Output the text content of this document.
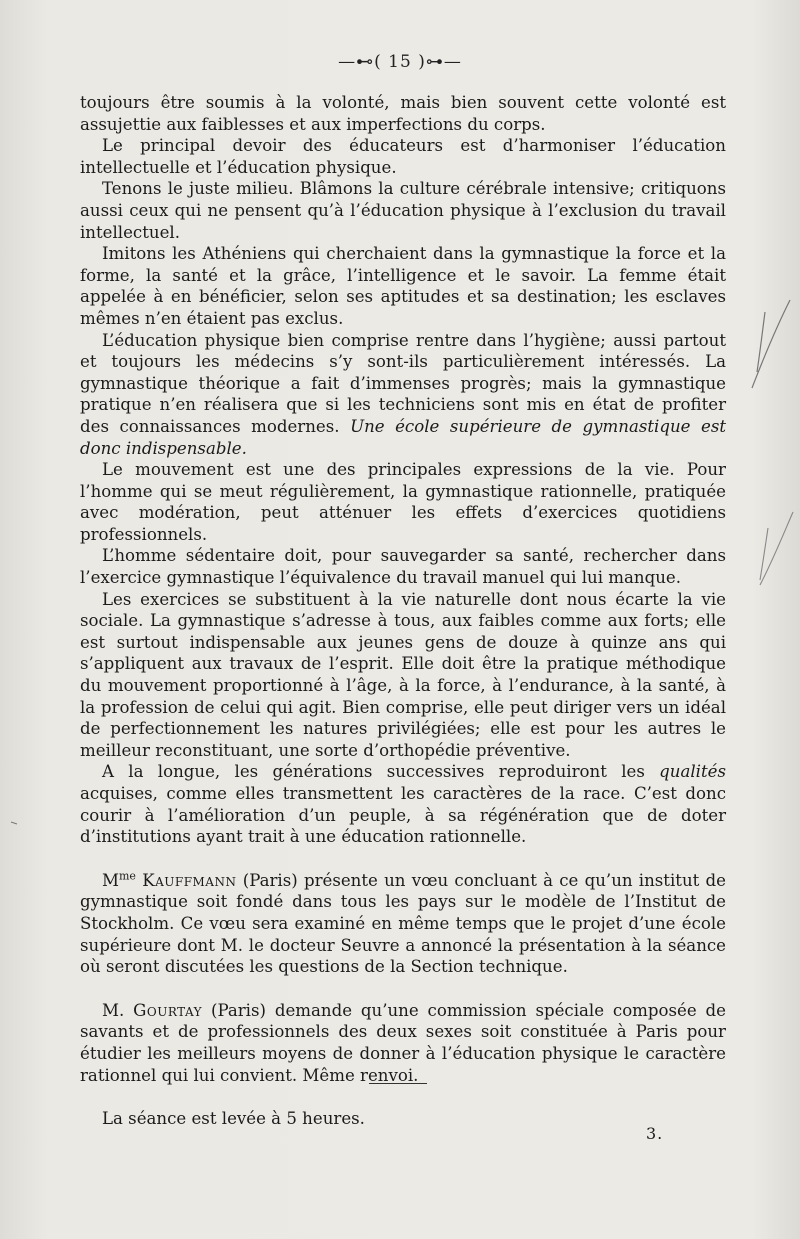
—⊷( 15 )⊶—

toujours être soumis à la volonté, mais bien souvent cette volonté est assujettie aux faiblesses et aux imperfections du corps.

Le principal devoir des éducateurs est d’harmoniser l’éducation intellectuelle et l’éducation physique.

Tenons le juste milieu. Blâmons la culture cérébrale intensive; critiquons aussi ceux qui ne pensent qu’à l’éducation physique à l’exclusion du travail intellectuel.

Imitons les Athéniens qui cherchaient dans la gymnastique la force et la forme, la santé et la grâce, l’intelligence et le savoir. La femme était appelée à en bénéficier, selon ses aptitudes et sa destination; les esclaves mêmes n’en étaient pas exclus.

L’éducation physique bien comprise rentre dans l’hygiène; aussi partout et toujours les médecins s’y sont-ils particulièrement intéressés. La gymnastique théorique a fait d’immenses progrès; mais la gymnastique pratique n’en réalisera que si les techniciens sont mis en état de profiter des connaissances modernes. Une école supérieure de gymnastique est donc indispensable.

Le mouvement est une des principales expressions de la vie. Pour l’homme qui se meut régulièrement, la gymnastique rationnelle, pratiquée avec modération, peut atténuer les effets d’exercices quotidiens professionnels.

L’homme sédentaire doit, pour sauvegarder sa santé, rechercher dans l’exercice gymnastique l’équivalence du travail manuel qui lui manque.

Les exercices se substituent à la vie naturelle dont nous écarte la vie sociale. La gymnastique s’adresse à tous, aux faibles comme aux forts; elle est surtout indispensable aux jeunes gens de douze à quinze ans qui s’appliquent aux travaux de l’esprit. Elle doit être la pratique méthodique du mouvement proportionné à l’âge, à la force, à l’endurance, à la santé, à la profession de celui qui agit. Bien comprise, elle peut diriger vers un idéal de perfectionnement les natures privilégiées; elle est pour les autres le meilleur reconstituant, une sorte d’orthopédie préventive.

A la longue, les générations successives reproduiront les qualités acquises, comme elles transmettent les caractères de la race. C’est donc courir à l’amélioration d’un peuple, à sa régénération que de doter d’institutions ayant trait à une éducation rationnelle.

$M^{me}$ Kauffmann (Paris) présente un vœu concluant à ce qu’un institut de gymnastique soit fondé dans tous les pays sur le modèle de l’Institut de Stockholm. Ce vœu sera examiné en même temps que le projet d’une école supérieure dont M. le docteur Seuvre a annoncé la présentation à la séance où seront discutées les questions de la Section technique.

M. Gourtay (Paris) demande qu’une commission spéciale composée de savants et de professionnels des deux sexes soit constituée à Paris pour étudier les meilleurs moyens de donner à l’éducation physique le caractère rationnel qui lui convient. Même renvoi.

La séance est levée à 5 heures.

3.
